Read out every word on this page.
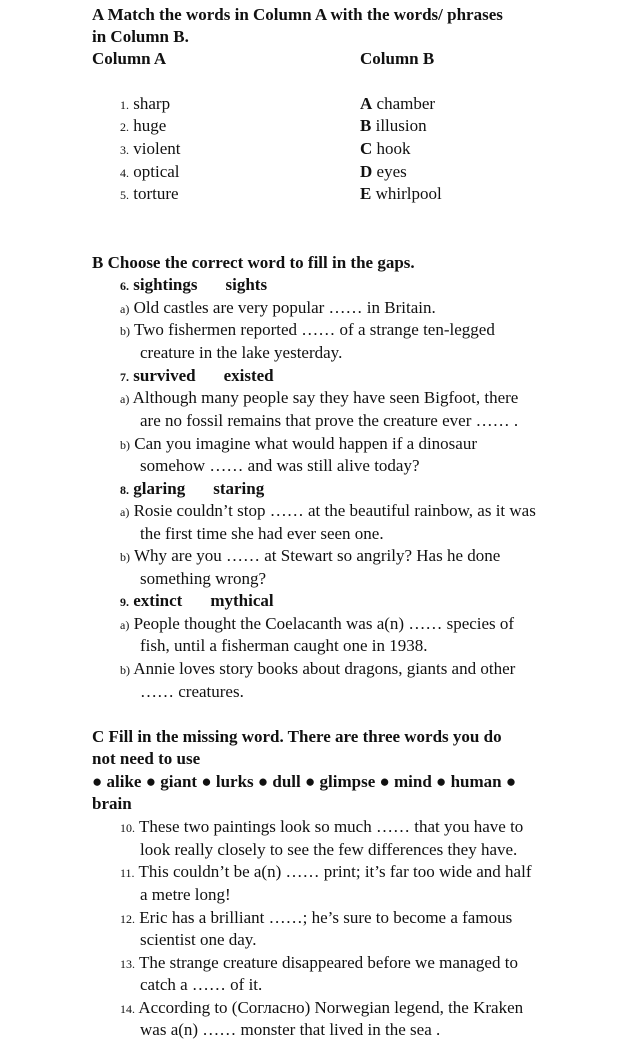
A Match the words in Column A with the words/ phrases
in Column B.
Column A	Column B
1. sharp
2. huge
3. violent
4. optical
5. torture
A chamber
B illusion
C hook
D eyes
E whirlpool
B Choose the correct word to fill in the gaps.
6. sightings sights
a) Old castles are very popular …… in Britain.
b) Two fishermen reported …… of a strange ten-legged
creature in the lake yesterday.
7. survived existed
a) Although many people say they have seen Bigfoot, there
are no fossil remains that prove the creature ever …… .
b) Can you imagine what would happen if a dinosaur
somehow …… and was still alive today?
8. glaring staring
a) Rosie couldn’t stop …… at the beautiful rainbow, as it was
the first time she had ever seen one.
b) Why are you …… at Stewart so angrily? Has he done
something wrong?
9. extinct mythical
a) People thought the Coelacanth was a(n) …… species of
fish, until a fisherman caught one in 1938.
b) Annie loves story books about dragons, giants and other
…… creatures.
C Fill in the missing word. There are three words you do
not need to use
● alike ● giant ● lurks ● dull ● glimpse ● mind ● human ●
brain
10. These two paintings look so much …… that you have to
look really closely to see the few differences they have.
11. This couldn’t be a(n) …… print; it’s far too wide and half
a metre long!
12. Eric has a brilliant ……; he’s sure to become a famous
scientist one day.
13. The strange creature disappeared before we managed to
catch a …… of it.
14. According to (Согласно) Norwegian legend, the Kraken
was a(n) …… monster that lived in the sea .
